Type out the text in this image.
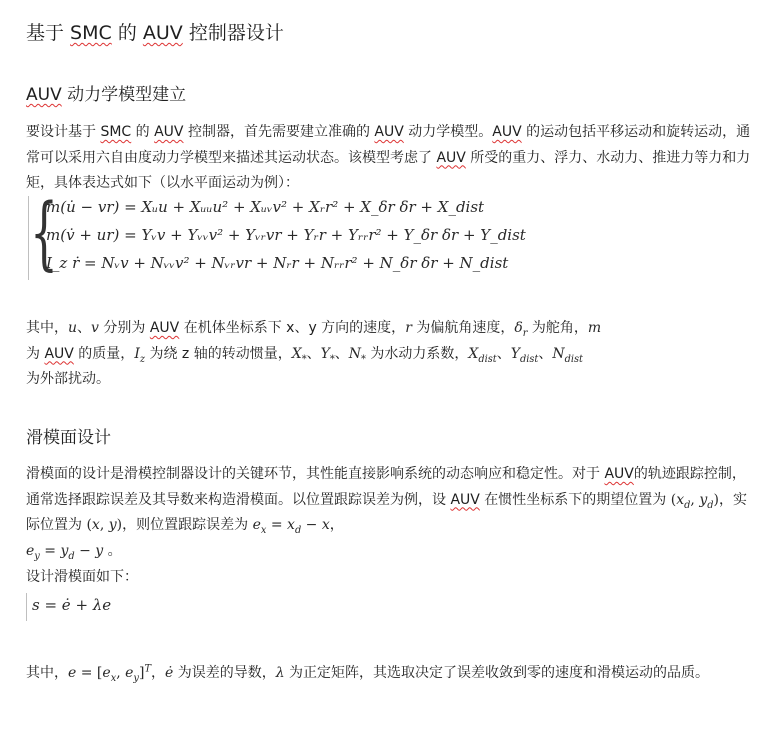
基于 SMC 的 AUV 控制器设计
AUV 动力学模型建立
要设计基于 SMC 的 AUV 控制器，首先需要建立准确的 AUV 动力学模型。AUV 的运动包括平移运动和旋转运动，通常可以采用六自由度动力学模型来描述其运动状态。该模型考虑了 AUV 所受的重力、浮力、水动力、推进力等力和力矩，具体表达式如下（以水平面运动为例）：
{
m(u̇ − vr) = Xᵤu + Xᵤᵤu² + Xᵤᵥv² + Xᵣr² + X_δr δr + X_dist
m(v̇ + ur) = Yᵥv + Yᵥᵥv² + Yᵥᵣvr + Yᵣr + Yᵣᵣr² + Y_δr δr + Y_dist
I_z ṙ = Nᵥv + Nᵥᵥv² + Nᵥᵣvr + Nᵣr + Nᵣᵣr² + N_δr δr + N_dist
其中，u、v 分别为 AUV 在机体坐标系下 x、y 方向的速度，r 为偏航角速度，$\delta_r$ 为舵角，m
为 AUV 的质量，$I_z$ 为绕 z 轴的转动惯量，$X_*$、$Y_*$、$N_*$ 为水动力系数，$X_{dist}$、$Y_{dist}$、$N_{dist}$
为外部扰动。
滑模面设计
滑模面的设计是滑模控制器设计的关键环节，其性能直接影响系统的动态响应和稳定性。对于 AUV的轨迹跟踪控制，通常选择跟踪误差及其导数来构造滑模面。以位置跟踪误差为例，设 AUV 在惯性坐标系下的期望位置为 ($x_d$, $y_d$)，实际位置为 (x, y)，则位置跟踪误差为 $e_x = x_d - x$，
$e_y = y_d - y$ 。
设计滑模面如下：
s = ė + λe
其中，$e = [e_x$, $e_y]^T$，ė 为误差的导数，λ 为正定矩阵，其选取决定了误差收敛到零的速度和滑模运动的品质。
